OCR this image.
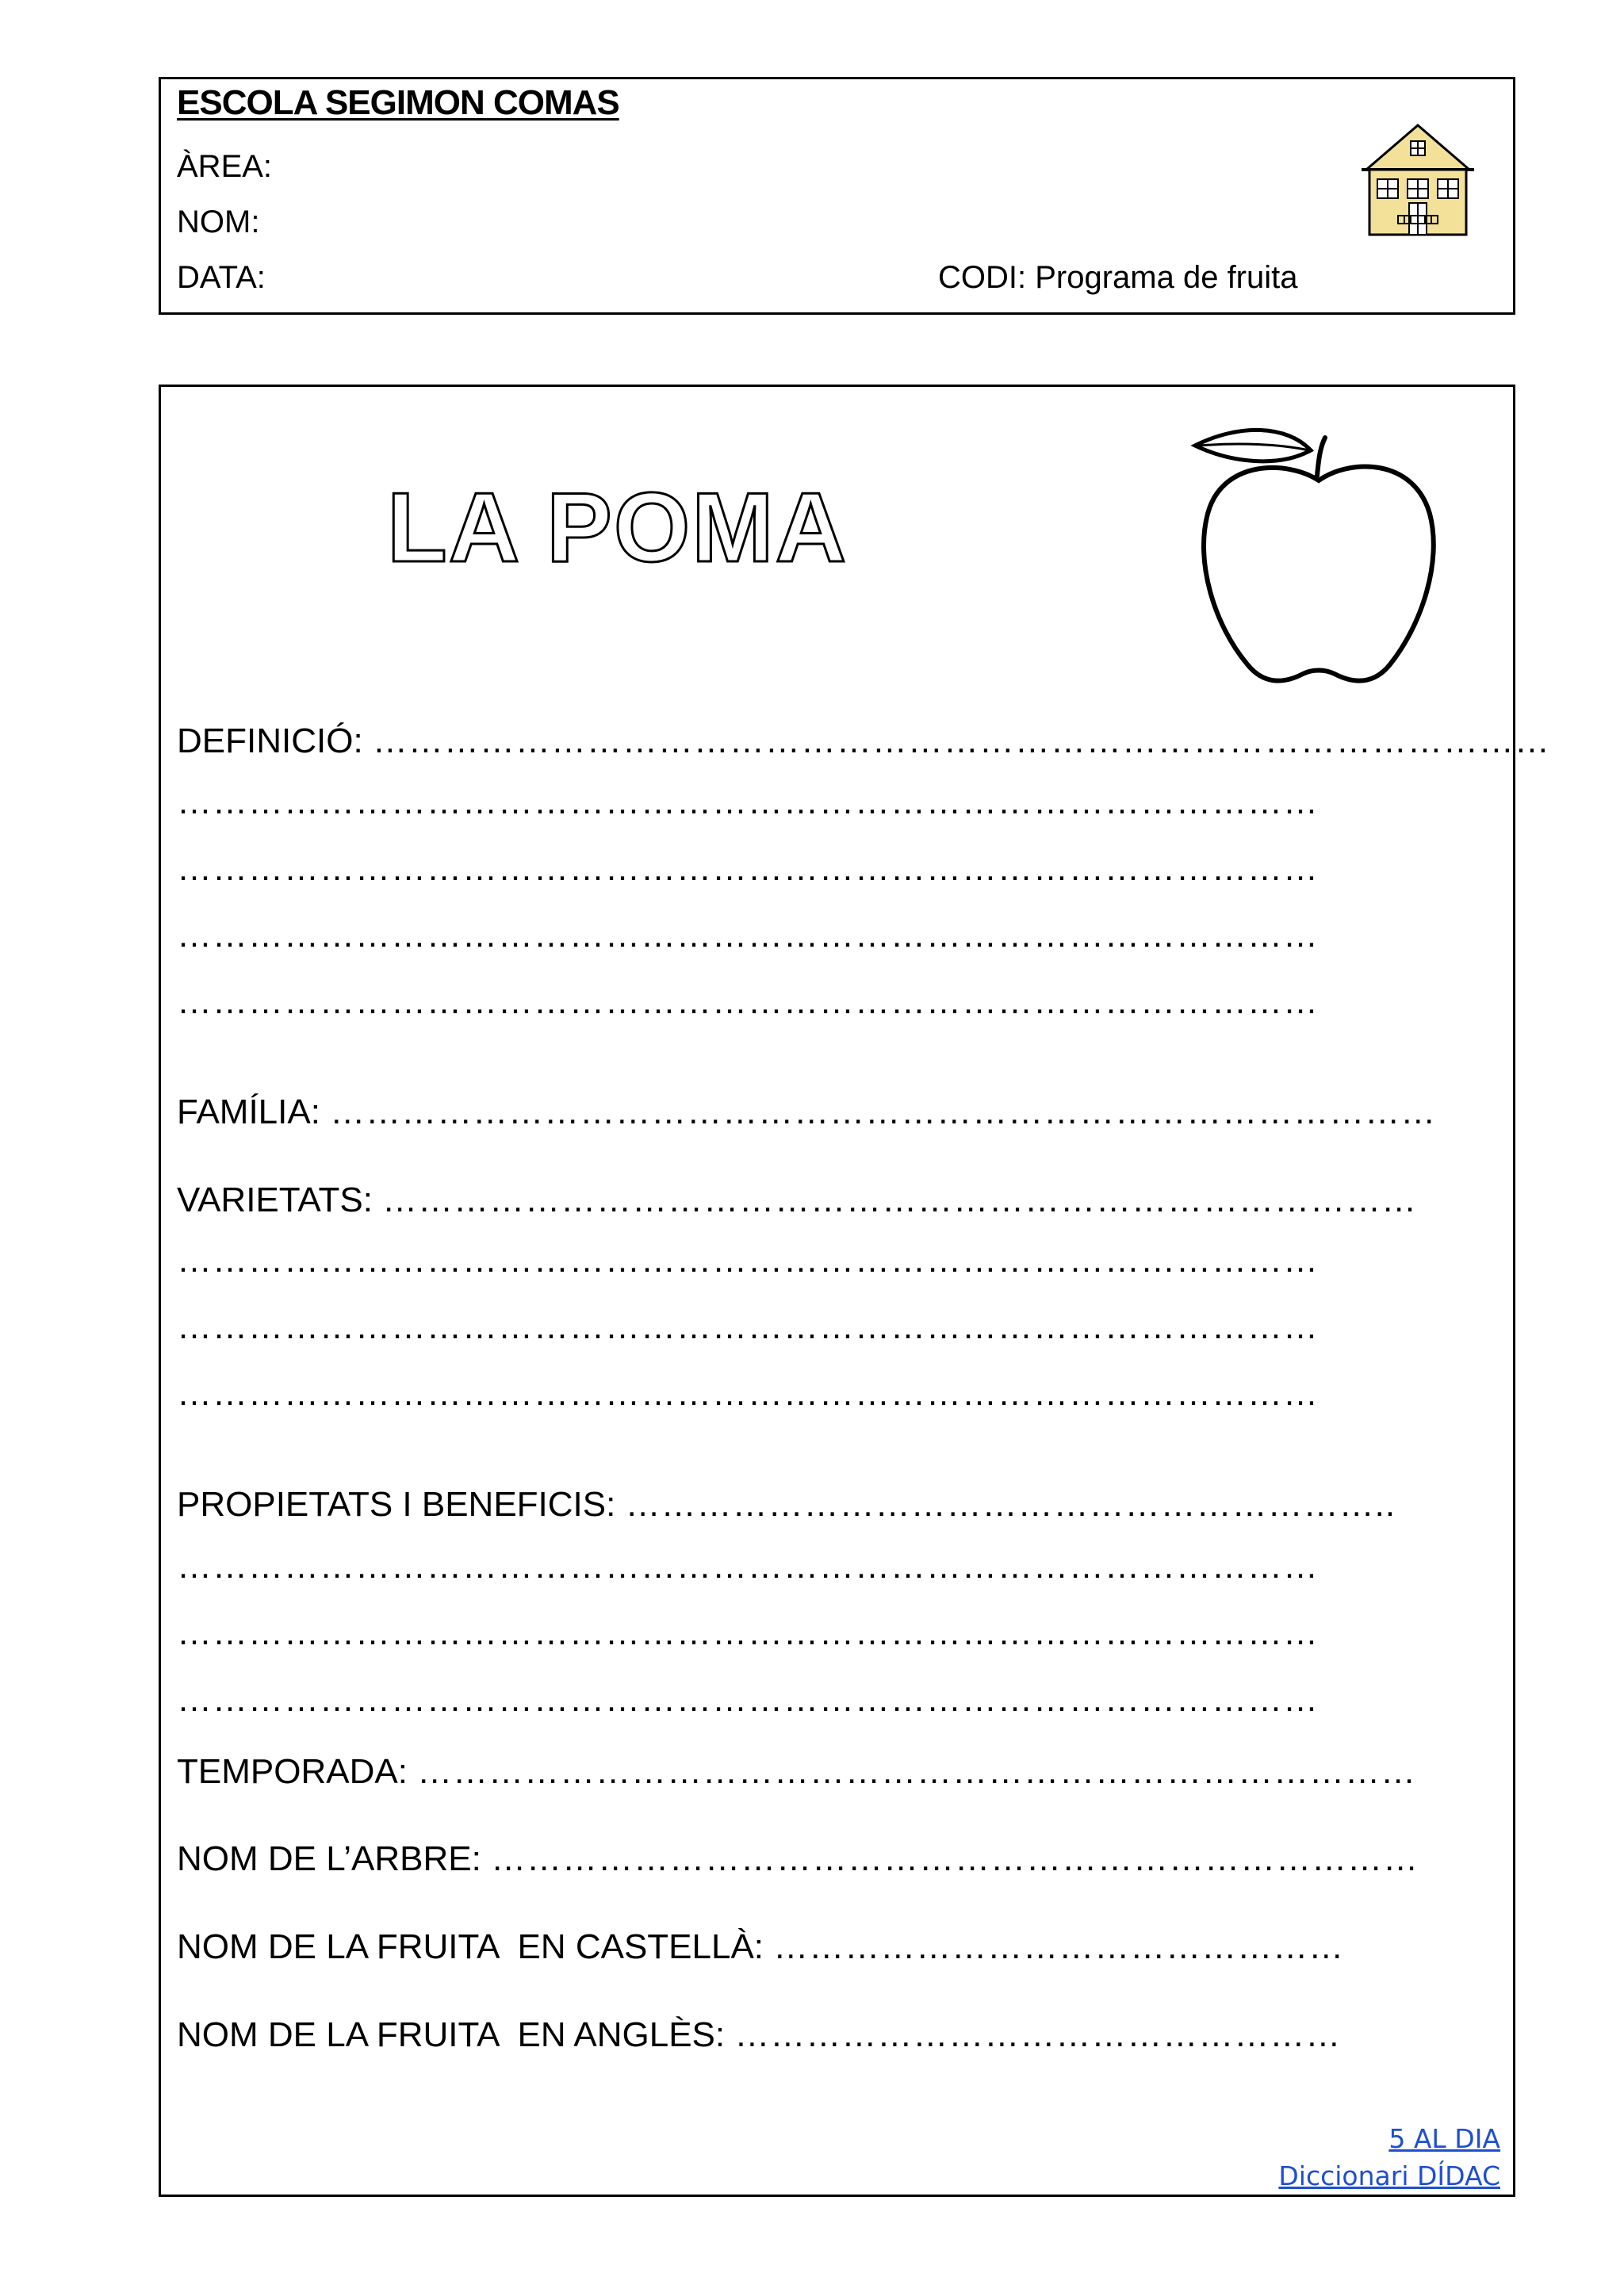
ESCOLA SEGIMON COMAS
ÀREA:
NOM:
DATA:	CODI: Programa de fruita
LA POMA
DEFINICIÓ: ………………………………………………………………………………………
……………………………………………………………………………………
……………………………………………………………………………………
……………………………………………………………………………………
……………………………………………………………………………………
FAMÍLIA: …………………………………………………………………………………
VARIETATS: ……………………………………………………………………………
……………………………………………………………………………………
……………………………………………………………………………………
……………………………………………………………………………………
PROPIETATS I BENEFICIS: ………………………………………………………..
……………………………………………………………………………………
……………………………………………………………………………………
……………………………………………………………………………………
TEMPORADA: …………………………………………………………………………
NOM DE L’ARBRE: ……………………………………………………………………
NOM DE LA FRUITA  EN CASTELLÀ: …………………………………………
NOM DE LA FRUITA  EN ANGLÈS: ……………………………………………
5 AL DIA
Diccionari DÍDAC
